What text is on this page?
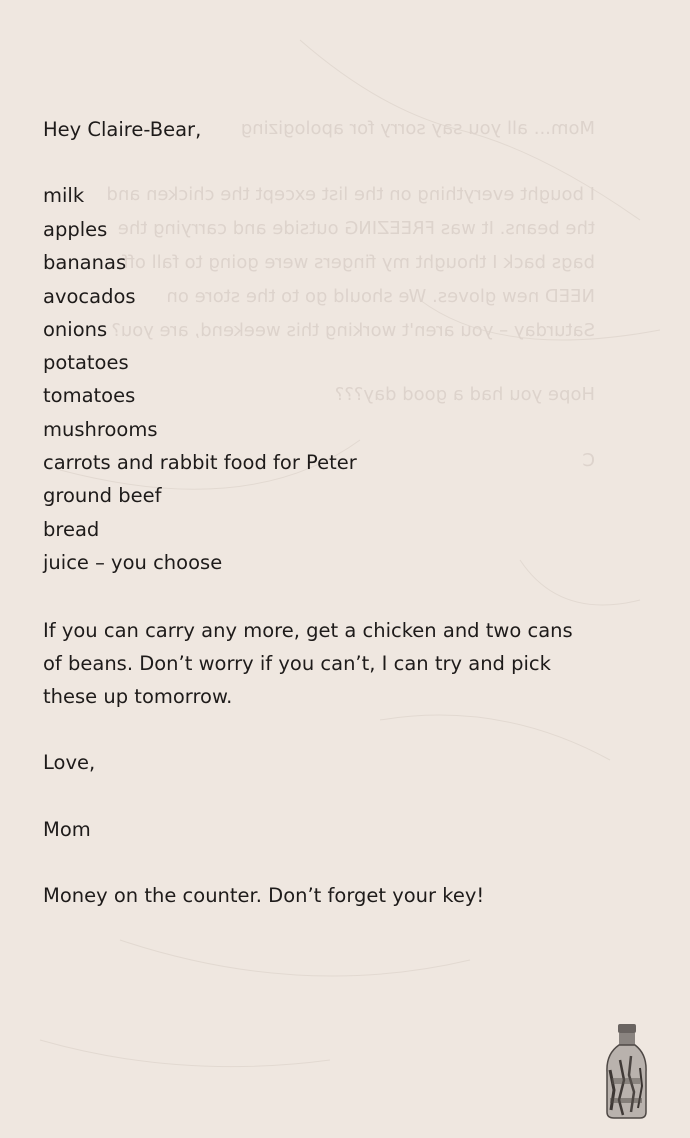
Mom... all you say sorry for apologizing
I bought everything on the list except the chicken and
the beans. It was FREEZING outside and carrying the
bags back I thought my fingers were going to fall off.
NEED new gloves. We should go to the store on
Saturday – you aren't working this weekend, are you?
Hope you had a good day???
C
Hey Claire-Bear,
milk
apples
bananas
avocados
onions
potatoes
tomatoes
mushrooms
carrots and rabbit food for Peter
ground beef
bread
juice – you choose
If you can carry any more, get a chicken and two cans
of beans. Don’t worry if you can’t, I can try and pick
these up tomorrow.
Love,
Mom
Money on the counter. Don’t forget your key!
